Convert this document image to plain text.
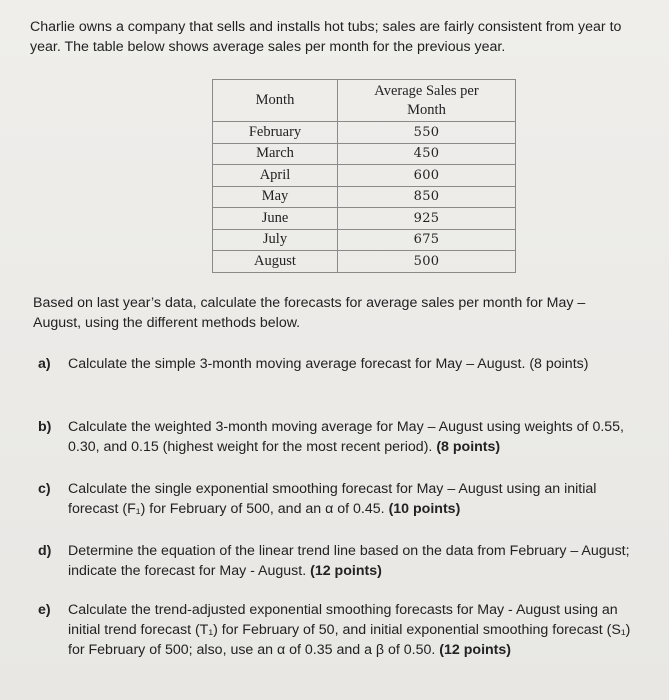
Charlie owns a company that sells and installs hot tubs; sales are fairly consistent from year to year. The table below shows average sales per month for the previous year.
Month	Average Sales per
Month
February	550
March	450
April	600
May	850
June	925
July	675
August	500
Based on last year’s data, calculate the forecasts for average sales per month for May – August, using the different methods below.
a)	Calculate the simple 3-month moving average forecast for May – August. (8 points)
b)	Calculate the weighted 3-month moving average for May – August using weights of 0.55, 0.30, and 0.15 (highest weight for the most recent period). (8 points)
c)	Calculate the single exponential smoothing forecast for May – August using an initial forecast (F₁) for February of 500, and an α of 0.45. (10 points)
d)	Determine the equation of the linear trend line based on the data from February – August; indicate the forecast for May - August. (12 points)
e)	Calculate the trend-adjusted exponential smoothing forecasts for May - August using an initial trend forecast (T₁) for February of 50, and initial exponential smoothing forecast (S₁) for February of 500; also, use an α of 0.35 and a β of 0.50. (12 points)
